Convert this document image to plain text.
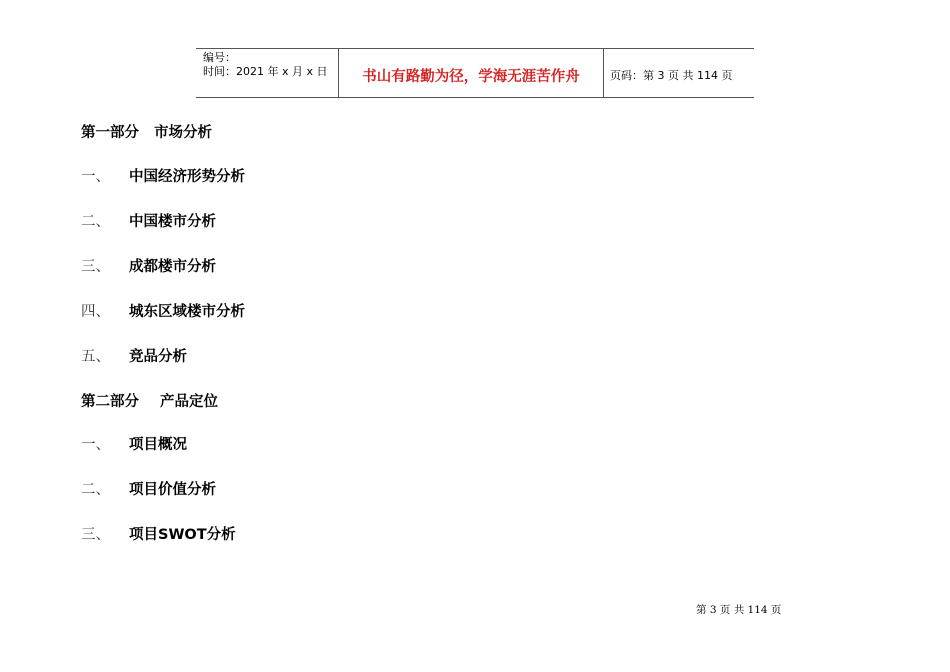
编号：
时间：2021 年 x 月 x 日	书山有路勤为径，学海无涯苦作舟	页码：第 3 页 共 114 页
第一部分 市场分析
一、 中国经济形势分析
二、 中国楼市分析
三、 成都楼市分析
四、 城东区域楼市分析
五、 竞品分析
第二部分 产品定位
一、 项目概况
二、 项目价值分析
三、 项目SWOT分析
第 3 页 共 114 页
